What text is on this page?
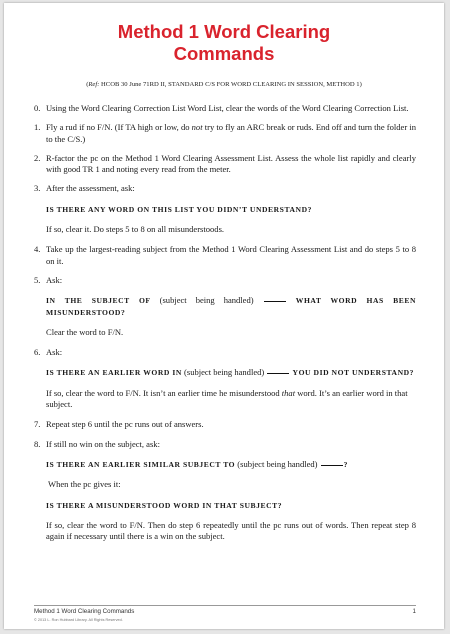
Method 1 Word Clearing
Commands
(Ref: HCOB 30 June 71RD II, STANDARD C/S FOR WORD CLEARING IN SESSION, METHOD 1)
0. Using the Word Clearing Correction List Word List, clear the words of the Word Clearing Correction List.

1. Fly a rud if no F/N. (If TA high or low, do not try to fly an ARC break or ruds. End off and turn the folder in to the C/S.)

2. R-factor the pc on the Method 1 Word Clearing Assessment List. Assess the whole list rapidly and clearly with good TR 1 and noting every read from the meter.

3. After the assessment, ask:

IS THERE ANY WORD ON THIS LIST YOU DIDN’T UNDERSTAND?
If so, clear it. Do steps 5 to 8 on all misunderstoods.
4. Take up the largest-reading subject from the Method 1 Word Clearing Assessment List and do steps 5 to 8 on it.

5. Ask:

IN THE SUBJECT OF (subject being handled)	WHAT WORD HAS BEEN MISUNDERSTOOD?
Clear the word to F/N.
6. Ask:

IS THERE AN EARLIER WORD IN (subject being handled)	YOU DID NOT UNDERSTAND?
If so, clear the word to F/N. It isn’t an earlier time he misunderstood that word. It’s an earlier word in that subject.
7. Repeat step 6 until the pc runs out of answers.

8. If still no win on the subject, ask:

IS THERE AN EARLIER SIMILAR SUBJECT TO (subject being handled)	?
When the pc gives it:
IS THERE A MISUNDERSTOOD WORD IN THAT SUBJECT?
If so, clear the word to F/N. Then do step 6 repeatedly until the pc runs out of words. Then repeat step 8 again if necessary until there is a win on the subject.
Method 1 Word Clearing Commands	1
© 2013 L. Ron Hubbard Library. All Rights Reserved.
